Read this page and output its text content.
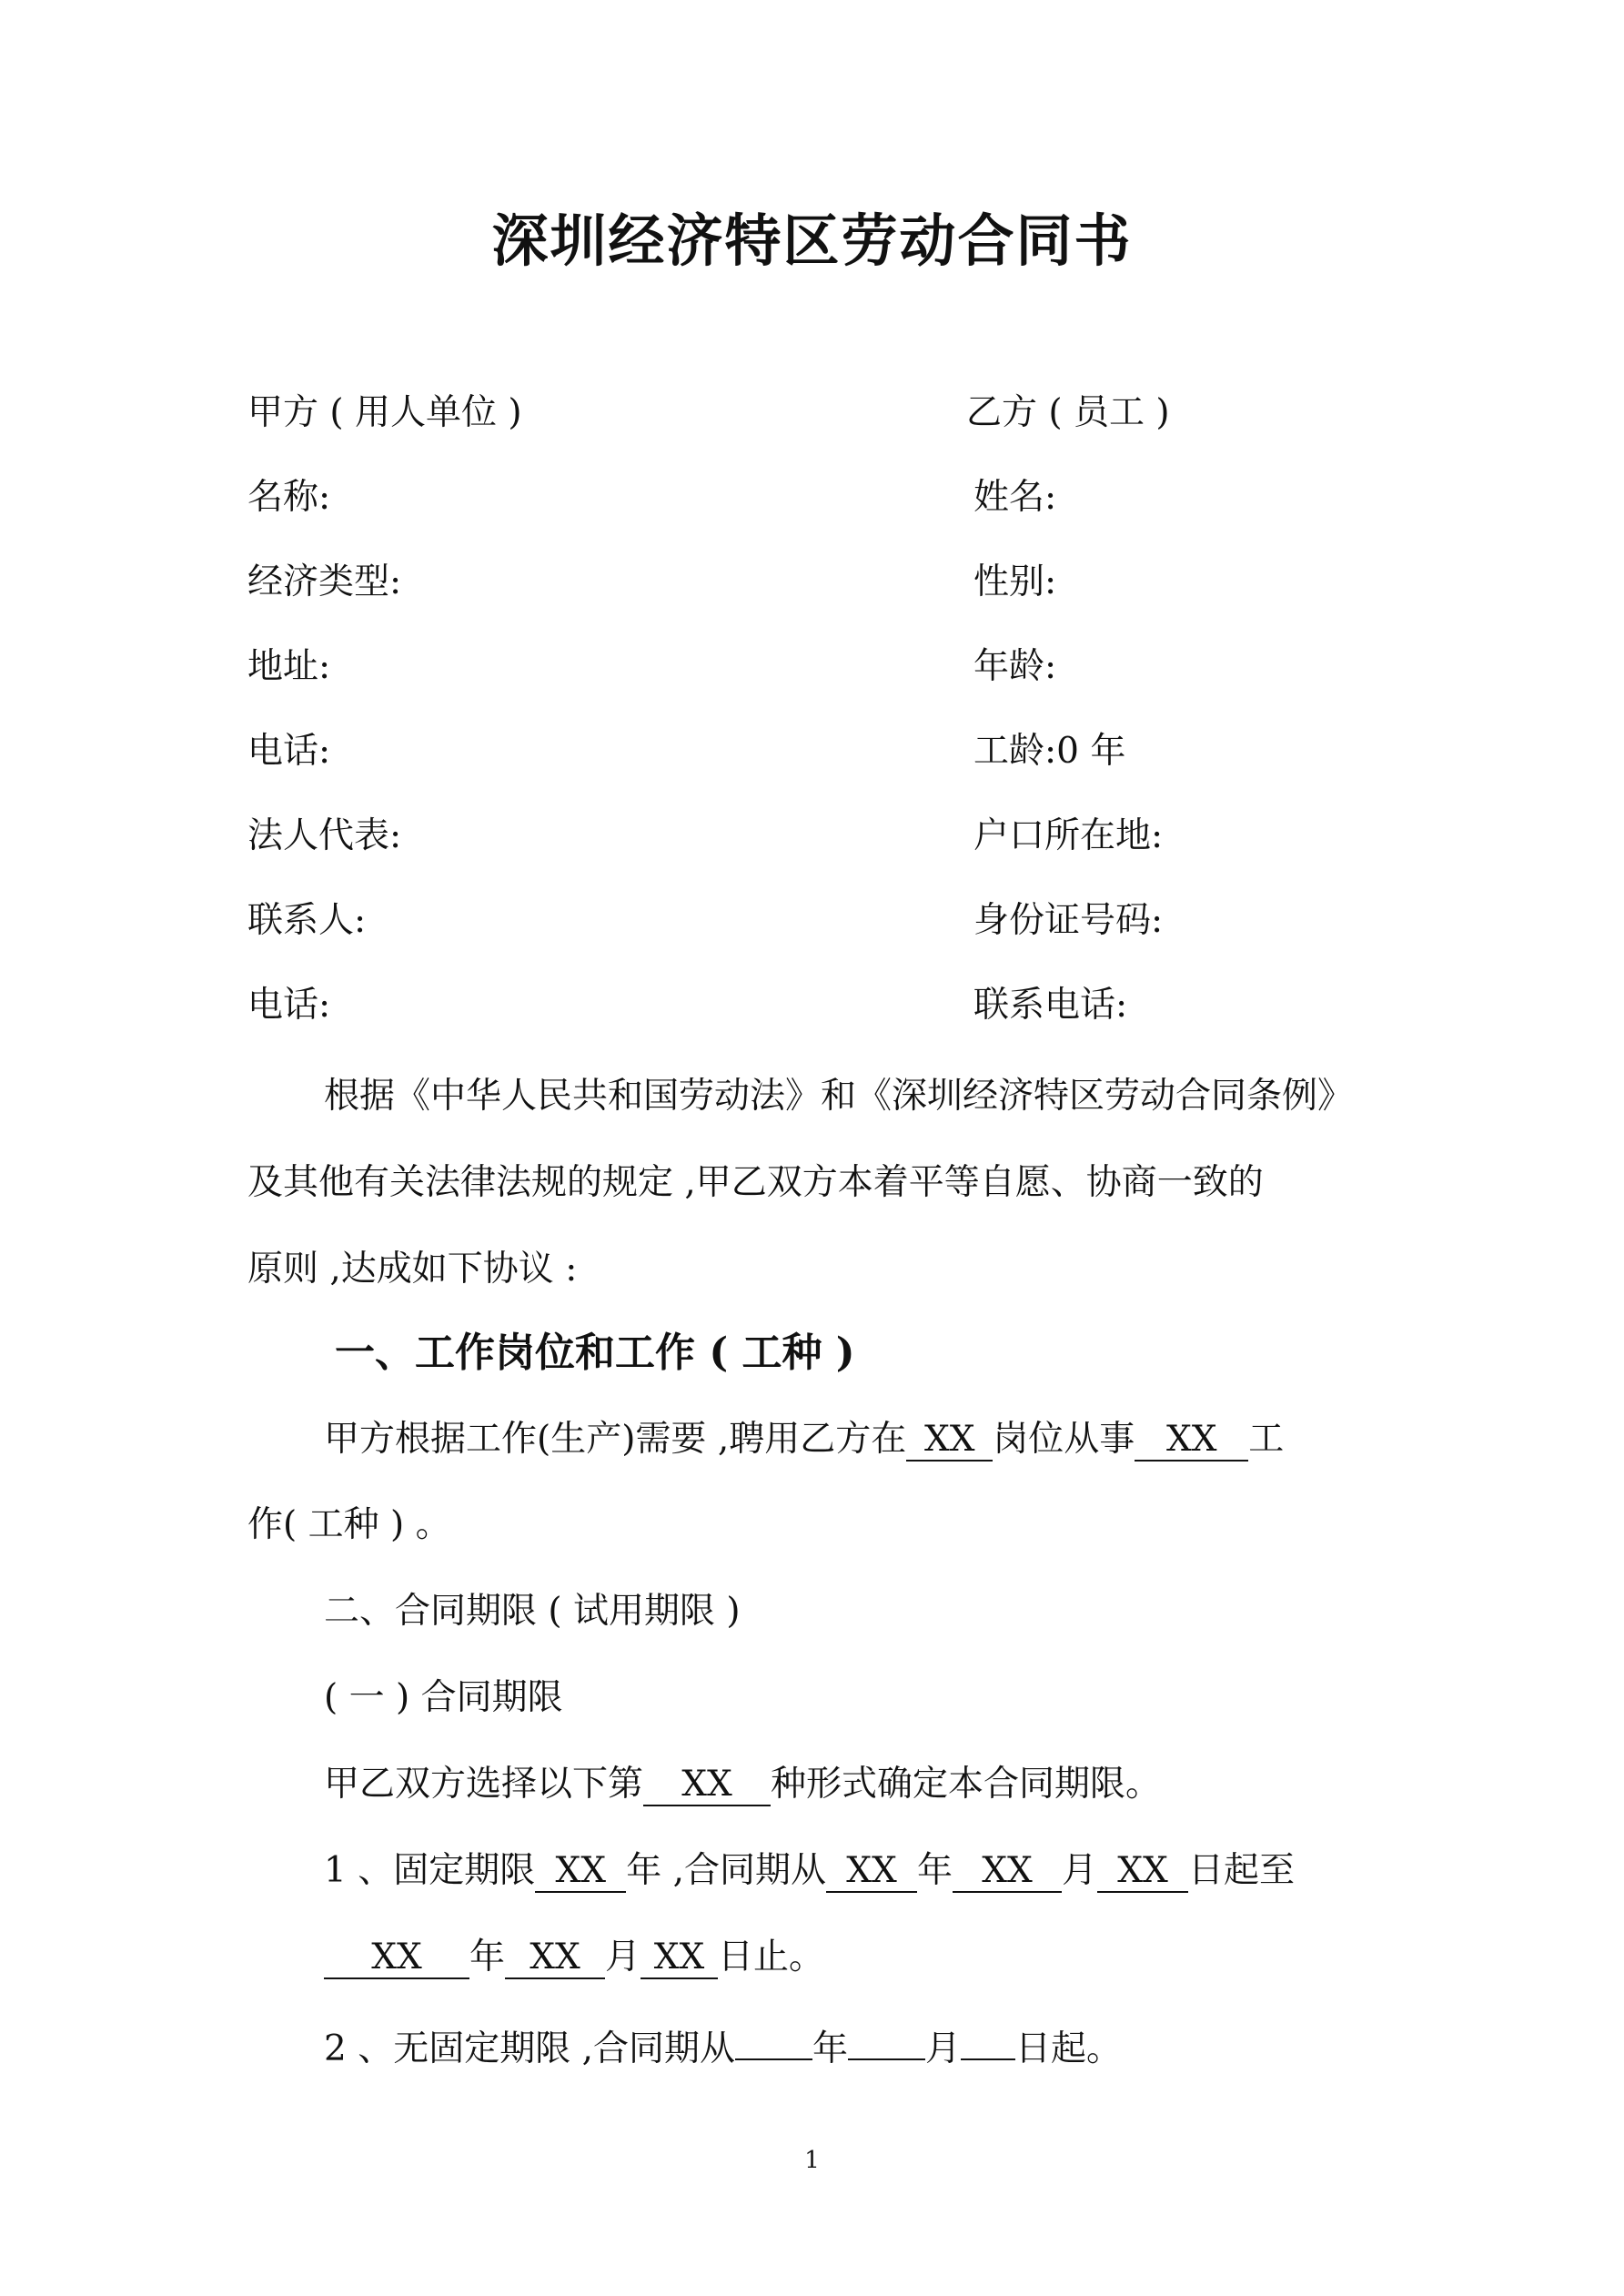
深圳经济特区劳动合同书
甲方 ( 用人单位 )
名称:
经济类型:
地址:
电话:
法人代表:
联系人:
电话:
乙方 ( 员工 )
姓名:
性别:
年龄:
工龄:0 年
户口所在地:
身份证号码:
联系电话:
根据《中华人民共和国劳动法》和《深圳经济特区劳动合同条例》
及其他有关法律法规的规定 ,甲乙双方本着平等自愿、协商一致的
原则 ,达成如下协议 :
一、工作岗位和工作 ( 工种 )
甲方根据工作(生产)需要 ,聘用乙方在 XX 岗位从事 XX 工
作( 工种 ) 。
二、合同期限 ( 试用期限 )
( 一 ) 合同期限
甲乙双方选择以下第 XX 种形式确定本合同期限。
1 、固定期限 XX 年 ,合同期从 XX 年 XX 月 XX 日起至
XX 年 XX 月 XX 日止。
2 、无固定期限 ,合同期从 年 月 日起。
1
